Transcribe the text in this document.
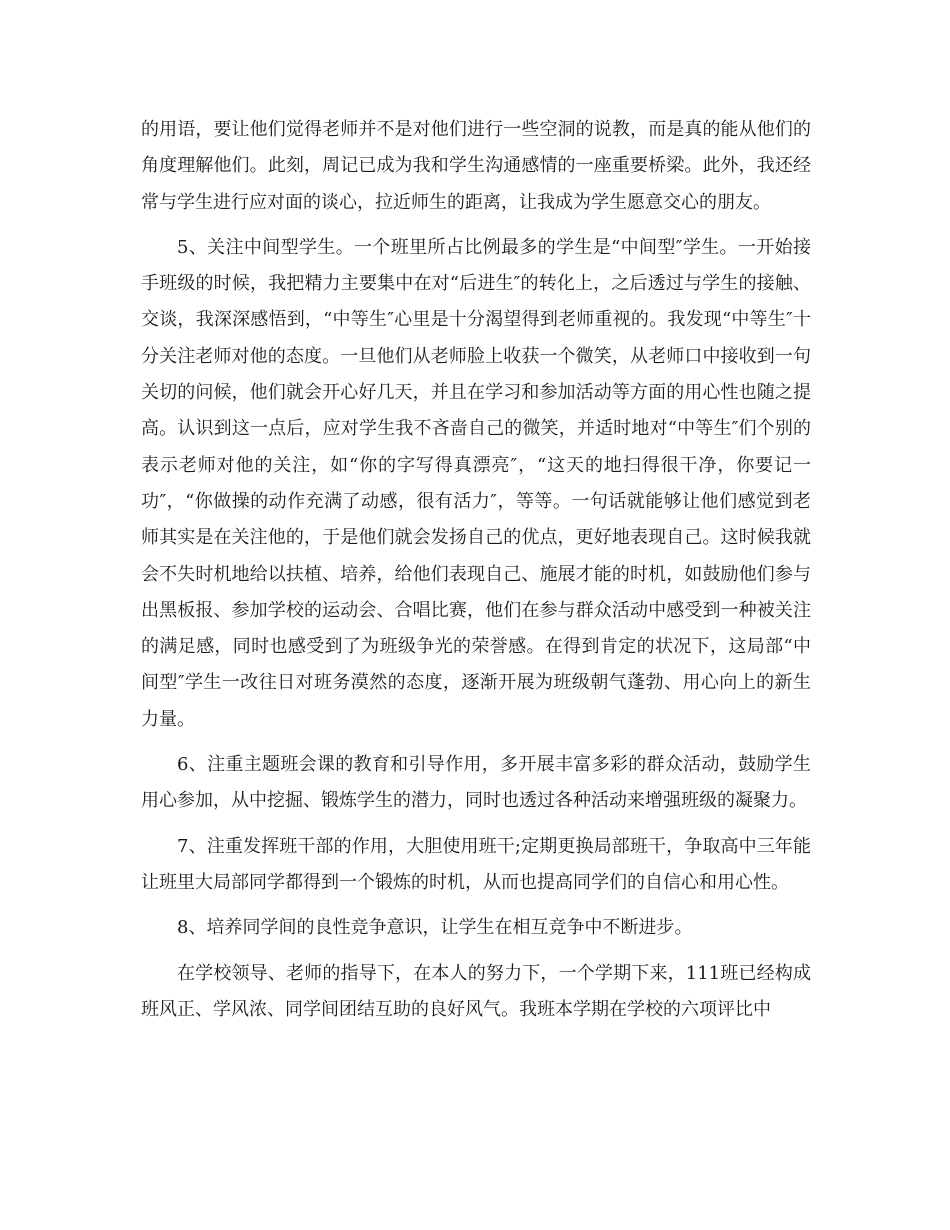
的用语，要让他们觉得老师并不是对他们进行一些空洞的说教，而是真的能从他们的角度理解他们。此刻，周记已成为我和学生沟通感情的一座重要桥梁。此外，我还经常与学生进行应对面的谈心，拉近师生的距离，让我成为学生愿意交心的朋友。

5、关注中间型学生。一个班里所占比例最多的学生是“中间型″学生。一开始接手班级的时候，我把精力主要集中在对“后进生″的转化上，之后透过与学生的接触、交谈，我深深感悟到，“中等生″心里是十分渴望得到老师重视的。我发现“中等生″十分关注老师对他的态度。一旦他们从老师脸上收获一个微笑，从老师口中接收到一句关切的问候，他们就会开心好几天，并且在学习和参加活动等方面的用心性也随之提高。认识到这一点后，应对学生我不吝啬自己的微笑，并适时地对“中等生″们个别的表示老师对他的关注，如“你的字写得真漂亮″，“这天的地扫得很干净，你要记一功″，“你做操的动作充满了动感，很有活力″，等等。一句话就能够让他们感觉到老师其实是在关注他的，于是他们就会发扬自己的优点，更好地表现自己。这时候我就会不失时机地给以扶植、培养，给他们表现自己、施展才能的时机，如鼓励他们参与出黑板报、参加学校的运动会、合唱比赛，他们在参与群众活动中感受到一种被关注的满足感，同时也感受到了为班级争光的荣誉感。在得到肯定的状况下，这局部“中间型″学生一改往日对班务漠然的态度，逐渐开展为班级朝气蓬勃、用心向上的新生力量。

6、注重主题班会课的教育和引导作用，多开展丰富多彩的群众活动，鼓励学生用心参加，从中挖掘、锻炼学生的潜力，同时也透过各种活动来增强班级的凝聚力。

7、注重发挥班干部的作用，大胆使用班干;定期更换局部班干，争取高中三年能让班里大局部同学都得到一个锻炼的时机，从而也提高同学们的自信心和用心性。

8、培养同学间的良性竞争意识，让学生在相互竞争中不断进步。

在学校领导、老师的指导下，在本人的努力下，一个学期下来，111班已经构成班风正、学风浓、同学间团结互助的良好风气。我班本学期在学校的六项评比中
